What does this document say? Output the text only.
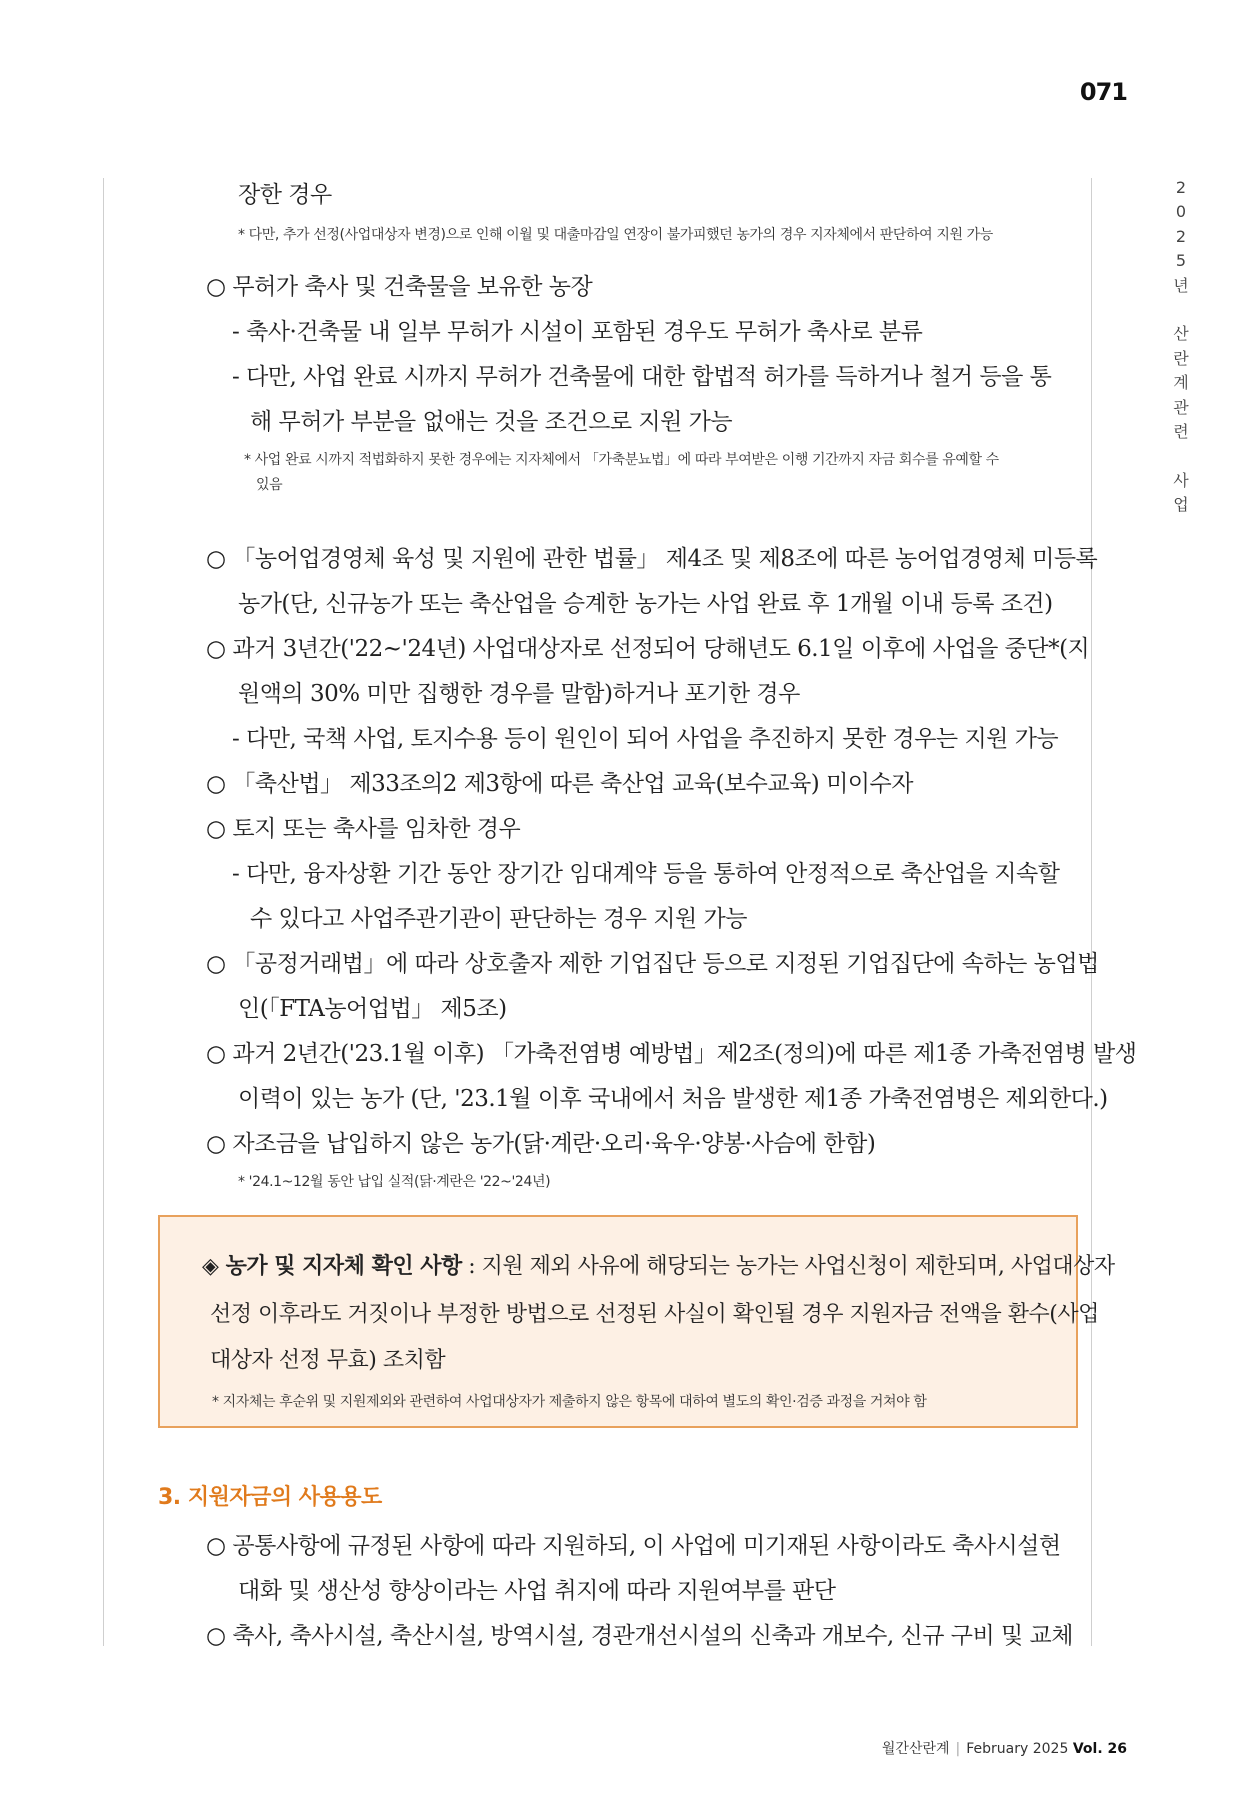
071
2
0
2
5
년

산
란
계
관
련

사
업
장한 경우
* 다만, 추가 선정(사업대상자 변경)으로 인해 이월 및 대출마감일 연장이 불가피했던 농가의 경우 지자체에서 판단하여 지원 가능
○ 무허가 축사 및 건축물을 보유한 농장
- 축사·건축물 내 일부 무허가 시설이 포함된 경우도 무허가 축사로 분류
- 다만, 사업 완료 시까지 무허가 건축물에 대한 합법적 허가를 득하거나 철거 등을 통
해 무허가 부분을 없애는 것을 조건으로 지원 가능
* 사업 완료 시까지 적법화하지 못한 경우에는 지자체에서 「가축분뇨법」에 따라 부여받은 이행 기간까지 자금 회수를 유예할 수
있음
○ 「농어업경영체 육성 및 지원에 관한 법률」 제4조 및 제8조에 따른 농어업경영체 미등록
농가(단, 신규농가 또는 축산업을 승계한 농가는 사업 완료 후 1개월 이내 등록 조건)
○ 과거 3년간('22~'24년) 사업대상자로 선정되어 당해년도 6.1일 이후에 사업을 중단*(지
원액의 30% 미만 집행한 경우를 말함)하거나 포기한 경우
- 다만, 국책 사업, 토지수용 등이 원인이 되어 사업을 추진하지 못한 경우는 지원 가능
○ 「축산법」 제33조의2 제3항에 따른 축산업 교육(보수교육) 미이수자
○ 토지 또는 축사를 임차한 경우
- 다만, 융자상환 기간 동안 장기간 임대계약 등을 통하여 안정적으로 축산업을 지속할
수 있다고 사업주관기관이 판단하는 경우 지원 가능
○ 「공정거래법」에 따라 상호출자 제한 기업집단 등으로 지정된 기업집단에 속하는 농업법
인(「FTA농어업법」 제5조)
○ 과거 2년간('23.1월 이후) 「가축전염병 예방법」제2조(정의)에 따른 제1종 가축전염병 발생
이력이 있는 농가 (단, '23.1월 이후 국내에서 처음 발생한 제1종 가축전염병은 제외한다.)
○ 자조금을 납입하지 않은 농가(닭·계란·오리·육우·양봉·사슴에 한함)
* '24.1~12월 동안 납입 실적(닭·계란은 '22~'24년)
◈ 농가 및 지자체 확인 사항 : 지원 제외 사유에 해당되는 농가는 사업신청이 제한되며, 사업대상자
선정 이후라도 거짓이나 부정한 방법으로 선정된 사실이 확인될 경우 지원자금 전액을 환수(사업
대상자 선정 무효) 조치함
* 지자체는 후순위 및 지원제외와 관련하여 사업대상자가 제출하지 않은 항목에 대하여 별도의 확인·검증 과정을 거쳐야 함
3. 지원자금의 사용용도
○ 공통사항에 규정된 사항에 따라 지원하되, 이 사업에 미기재된 사항이라도 축사시설현
대화 및 생산성 향상이라는 사업 취지에 따라 지원여부를 판단
○ 축사, 축사시설, 축산시설, 방역시설, 경관개선시설의 신축과 개보수, 신규 구비 및 교체
월간산란계 | February 2025 Vol. 26
